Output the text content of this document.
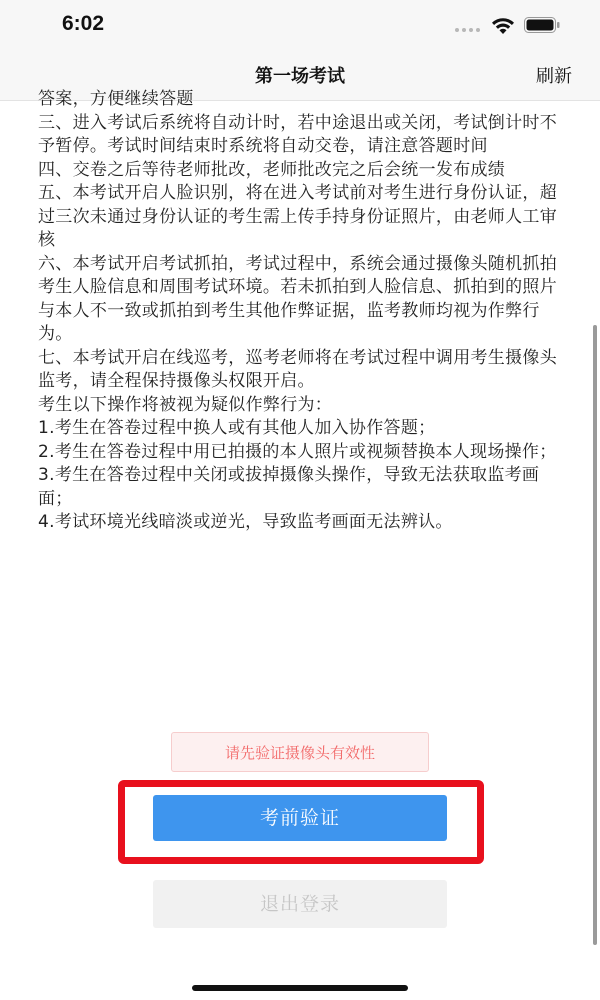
6:02
第一场考试	刷新

答案，方便继续答题

三、进入考试后系统将自动计时，若中途退出或关闭，考试倒计时不予暂停。考试时间结束时系统将自动交卷，请注意答题时间

四、交卷之后等待老师批改，老师批改完之后会统一发布成绩

五、本考试开启人脸识别，将在进入考试前对考生进行身份认证，超过三次未通过身份认证的考生需上传手持身份证照片，由老师人工审核

六、本考试开启考试抓拍，考试过程中，系统会通过摄像头随机抓拍考生人脸信息和周围考试环境。若未抓拍到人脸信息、抓拍到的照片与本人不一致或抓拍到考生其他作弊证据，监考教师均视为作弊行为。

七、本考试开启在线巡考，巡考老师将在考试过程中调用考生摄像头监考，请全程保持摄像头权限开启。

考生以下操作将被视为疑似作弊行为：

1.考生在答卷过程中换人或有其他人加入协作答题；

2.考生在答卷过程中用已拍摄的本人照片或视频替换本人现场操作；

3.考生在答卷过程中关闭或拔掉摄像头操作，导致无法获取监考画面；

4.考试环境光线暗淡或逆光，导致监考画面无法辨认。

请先验证摄像头有效性
考前验证
退出登录
